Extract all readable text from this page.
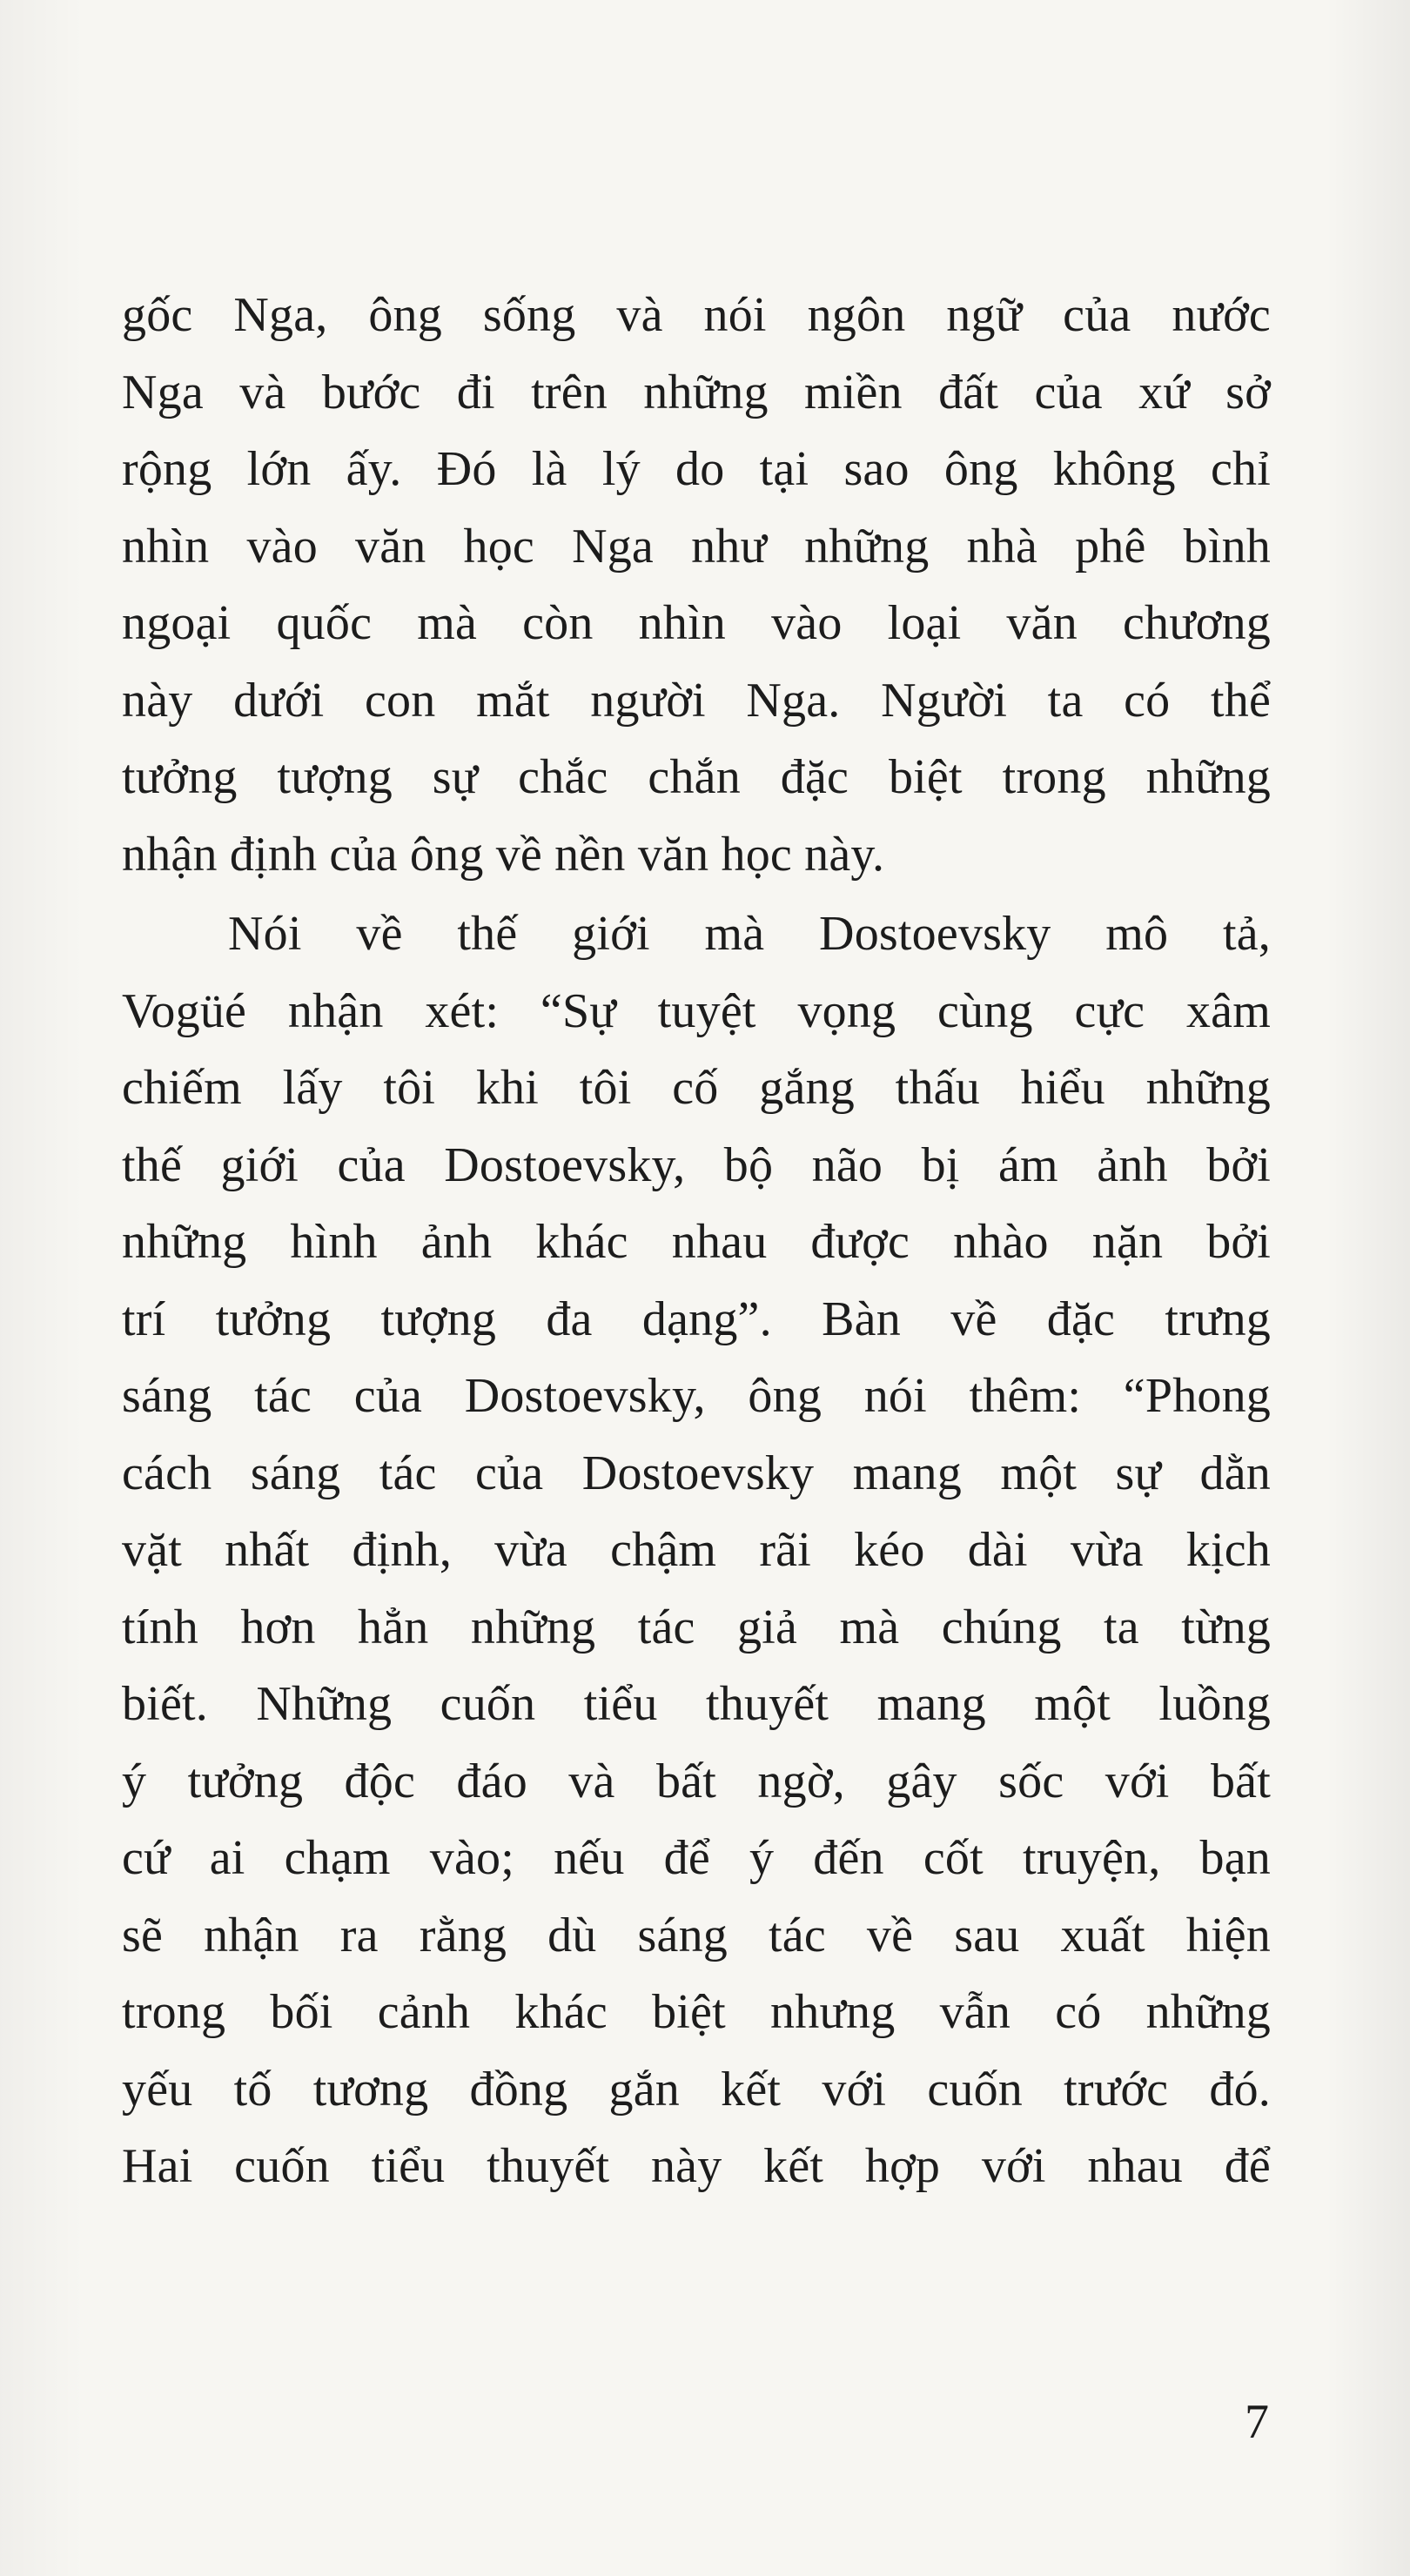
gốc Nga, ông sống và nói ngôn ngữ của nước
Nga và bước đi trên những miền đất của xứ sở
rộng lớn ấy. Đó là lý do tại sao ông không chỉ
nhìn vào văn học Nga như những nhà phê bình
ngoại quốc mà còn nhìn vào loại văn chương
này dưới con mắt người Nga. Người ta có thể
tưởng tượng sự chắc chắn đặc biệt trong những
nhận định của ông về nền văn học này.
Nói về thế giới mà Dostoevsky mô tả,
Vogüé nhận xét: “Sự tuyệt vọng cùng cực xâm
chiếm lấy tôi khi tôi cố gắng thấu hiểu những
thế giới của Dostoevsky, bộ não bị ám ảnh bởi
những hình ảnh khác nhau được nhào nặn bởi
trí tưởng tượng đa dạng”. Bàn về đặc trưng
sáng tác của Dostoevsky, ông nói thêm: “Phong
cách sáng tác của Dostoevsky mang một sự dằn
vặt nhất định, vừa chậm rãi kéo dài vừa kịch
tính hơn hẳn những tác giả mà chúng ta từng
biết. Những cuốn tiểu thuyết mang một luồng
ý tưởng độc đáo và bất ngờ, gây sốc với bất
cứ ai chạm vào; nếu để ý đến cốt truyện, bạn
sẽ nhận ra rằng dù sáng tác về sau xuất hiện
trong bối cảnh khác biệt nhưng vẫn có những
yếu tố tương đồng gắn kết với cuốn trước đó.
Hai cuốn tiểu thuyết này kết hợp với nhau để
7
